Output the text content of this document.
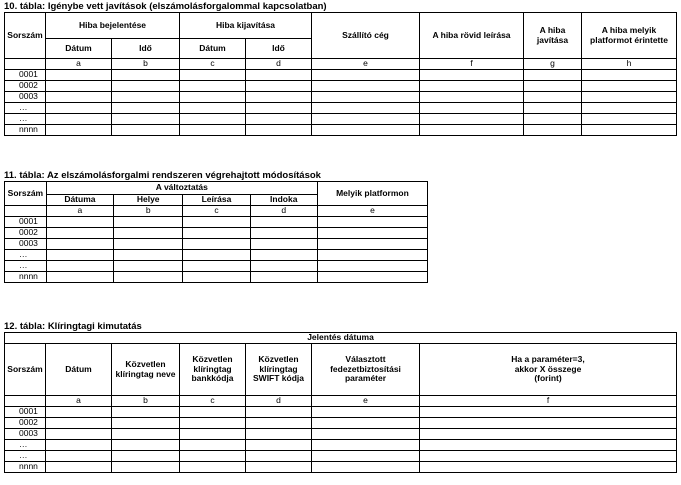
10. tábla: Igénybe vett javítások (elszámolásforgalommal kapcsolatban)
Sorszám	Hiba bejelentése		Hiba kijavítása		Szállító cég	A hiba rövid leírása	A hiba javítása	A hiba melyik platformot érintette
	Dátum	Idő	Dátum	Idő				
	a	b	c	d	e	f	g	h
0001								
0002								
0003								
…								
…								
nnnn								
11. tábla: Az elszámolásforgalmi rendszeren végrehajtott módosítások
Sorszám	A változtatás				Melyik platformon
	Dátuma	Helye	Leírása	Indoka	
	a	b	c	d	e
0001					
0002					
0003					
…					
…					
nnnn					
12. tábla: Klíringtagi kimutatás
Jelentés dátuma						
Sorszám	Dátum	Közvetlen klíringtag neve	Közvetlen klíringtag bankkódja	Közvetlen klíringtag SWIFT kódja	Választott fedezetbiztosítási paraméter	Ha a paraméter=3, akkor X összege (forint)
	a	b	c	d	e	f
0001						
0002						
0003						
…						
…						
nnnn						
